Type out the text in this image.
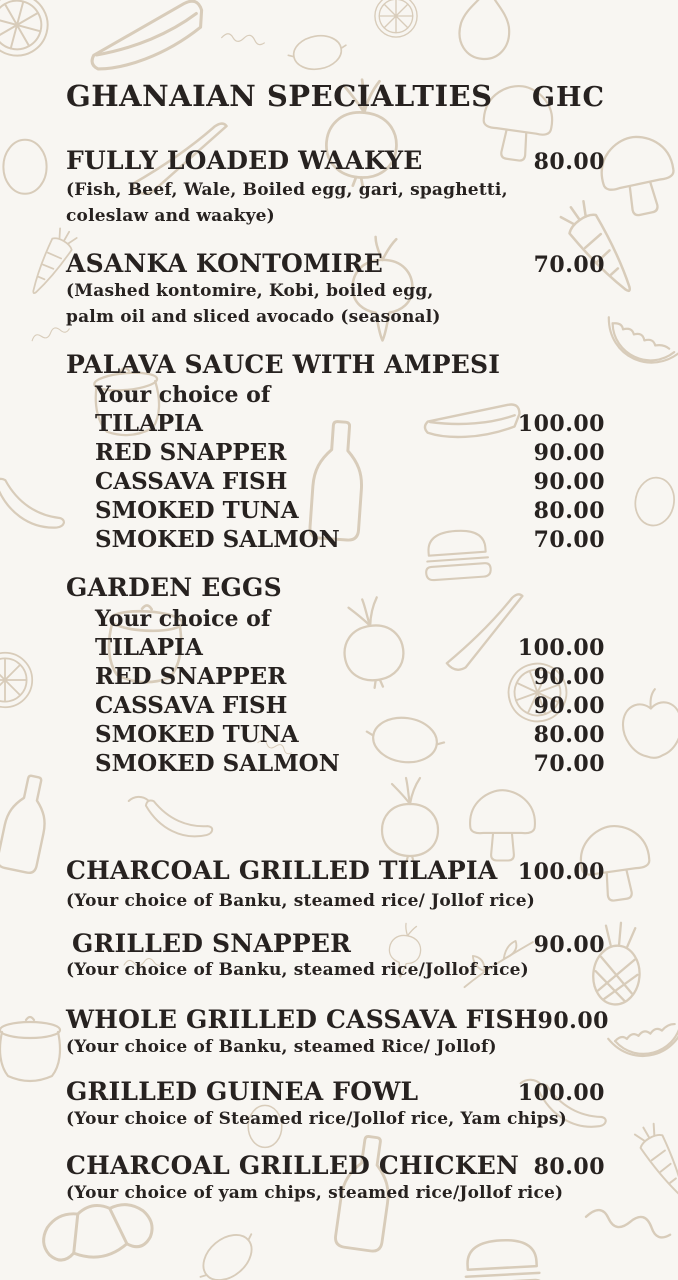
GHANAIAN SPECIALTIES GHC
FULLY LOADED WAAKYE	80.00
(Fish, Beef, Wale, Boiled egg, gari, spaghetti,
coleslaw and waakye)
ASANKA KONTOMIRE	70.00
(Mashed kontomire, Kobi, boiled egg,
palm oil and sliced avocado (seasonal)
PALAVA SAUCE WITH AMPESI
Your choice of
TILAPIA	100.00
RED SNAPPER	90.00
CASSAVA FISH	90.00
SMOKED TUNA	80.00
SMOKED SALMON	70.00
GARDEN EGGS
Your choice of
TILAPIA	100.00
RED SNAPPER	90.00
CASSAVA FISH	90.00
SMOKED TUNA	80.00
SMOKED SALMON	70.00
CHARCOAL GRILLED TILAPIA 100.00
(Your choice of Banku, steamed rice/ Jollof rice)
GRILLED SNAPPER	90.00
(Your choice of Banku, steamed rice/Jollof rice)
WHOLE GRILLED CASSAVA FISH 90.00
(Your choice of Banku, steamed Rice/ Jollof)
GRILLED GUINEA FOWL	100.00
(Your choice of Steamed rice/Jollof rice, Yam chips)
CHARCOAL GRILLED CHICKEN 80.00
(Your choice of yam chips, steamed rice/Jollof rice)
